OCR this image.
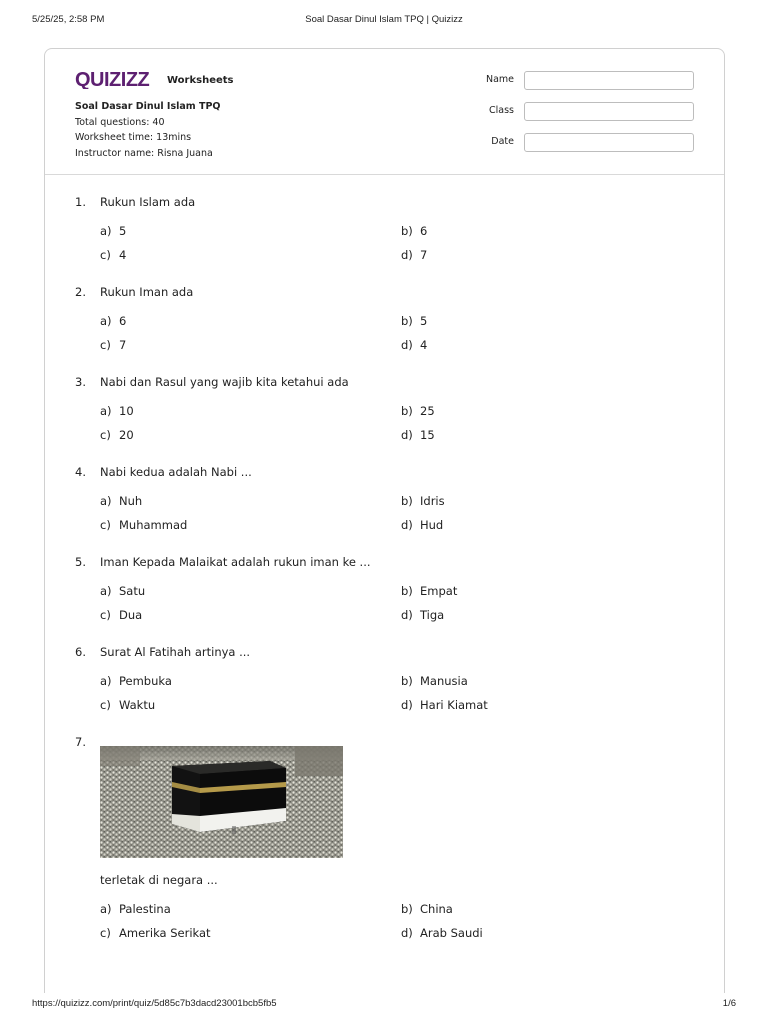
5/25/25, 2:58 PM	Soal Dasar Dinul Islam TPQ | Quizizz
QUIZIZZ Worksheets
Soal Dasar Dinul Islam TPQ
Total questions: 40
Worksheet time: 13mins
Instructor name: Risna Juana
Name
Class
Date
1.	Rukun Islam ada
a) 5	b) 6
c) 4	d) 7
2.	Rukun Iman ada
a) 6	b) 5
c) 7	d) 4
3.	Nabi dan Rasul yang wajib kita ketahui ada
a) 10	b) 25
c) 20	d) 15
4.	Nabi kedua adalah Nabi ...
a) Nuh	b) Idris
c) Muhammad	d) Hud
5.	Iman Kepada Malaikat adalah rukun iman ke ...
a) Satu	b) Empat
c) Dua	d) Tiga
6.	Surat Al Fatihah artinya ...
a) Pembuka	b) Manusia
c) Waktu	d) Hari Kiamat
7.
terletak di negara ...
a) Palestina	b) China
c) Amerika Serikat	d) Arab Saudi
https://quizizz.com/print/quiz/5d85c7b3dacd23001bcb5fb5	1/6
